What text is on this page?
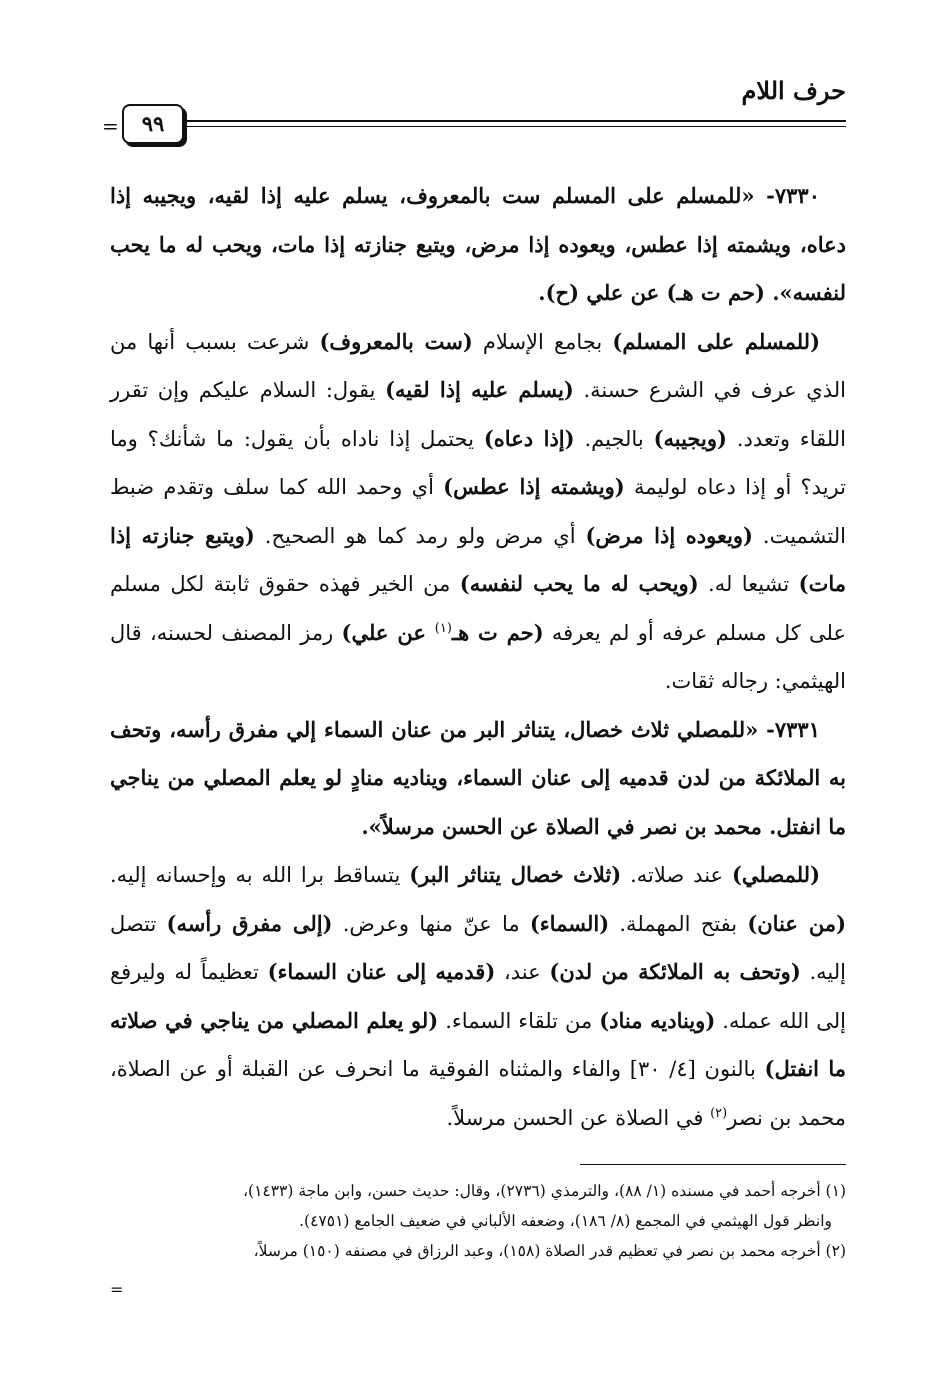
حرف اللام
=	٩٩

٧٣٣٠- «للمسلم على المسلم ست بالمعروف، يسلم عليه إذا لقيه، ويجيبه إذا دعاه، ويشمته إذا عطس، ويعوده إذا مرض، ويتبع جنازته إذا مات، ويحب له ما يحب لنفسه». (حم ت هـ) عن علي (ح).

(للمسلم على المسلم) بجامع الإسلام (ست بالمعروف) شرعت بسبب أنها من الذي عرف في الشرع حسنة. (يسلم عليه إذا لقيه) يقول: السلام عليكم وإن تقرر اللقاء وتعدد. (ويجيبه) بالجيم. (إذا دعاه) يحتمل إذا ناداه بأن يقول: ما شأنك؟ وما تريد؟ أو إذا دعاه لوليمة (ويشمته إذا عطس) أي وحمد الله كما سلف وتقدم ضبط التشميت. (ويعوده إذا مرض) أي مرض ولو رمد كما هو الصحيح. (ويتبع جنازته إذا مات) تشيعا له. (ويحب له ما يحب لنفسه) من الخير فهذه حقوق ثابتة لكل مسلم على كل مسلم عرفه أو لم يعرفه (حم ت هـ$^{(١)}$ عن علي) رمز المصنف لحسنه، قال الهيثمي: رجاله ثقات.

٧٣٣١- «للمصلي ثلاث خصال، يتناثر البر من عنان السماء إلي مفرق رأسه، وتحف به الملائكة من لدن قدميه إلى عنان السماء، ويناديه منادٍ لو يعلم المصلي من يناجي ما انفتل. محمد بن نصر في الصلاة عن الحسن مرسلاً».

(للمصلي) عند صلاته. (ثلاث خصال يتناثر البر) يتساقط برا الله به وإحسانه إليه. (من عنان) بفتح المهملة. (السماء) ما عنّ منها وعرض. (إلى مفرق رأسه) تتصل إليه. (وتحف به الملائكة من لدن) عند، (قدميه إلى عنان السماء) تعظيماً له وليرفع إلى الله عمله. (ويناديه مناد) من تلقاء السماء. (لو يعلم المصلي من يناجي في صلاته ما انفتل) بالنون [٤/ ٣٠] والفاء والمثناه الفوقية ما انحرف عن القبلة أو عن الصلاة، محمد بن نصر$^{(٢)}$ في الصلاة عن الحسن مرسلاً.

(١) أخرجه أحمد في مسنده (١/ ٨٨)، والترمذي (٢٧٣٦)، وقال: حديث حسن، وابن ماجة (١٤٣٣)،

وانظر قول الهيثمي في المجمع (٨/ ١٨٦)، وضعفه الألباني في ضعيف الجامع (٤٧٥١).

(٢) أخرجه محمد بن نصر في تعظيم قدر الصلاة (١٥٨)، وعبد الرزاق في مصنفه (١٥٠) مرسلاً،

=
